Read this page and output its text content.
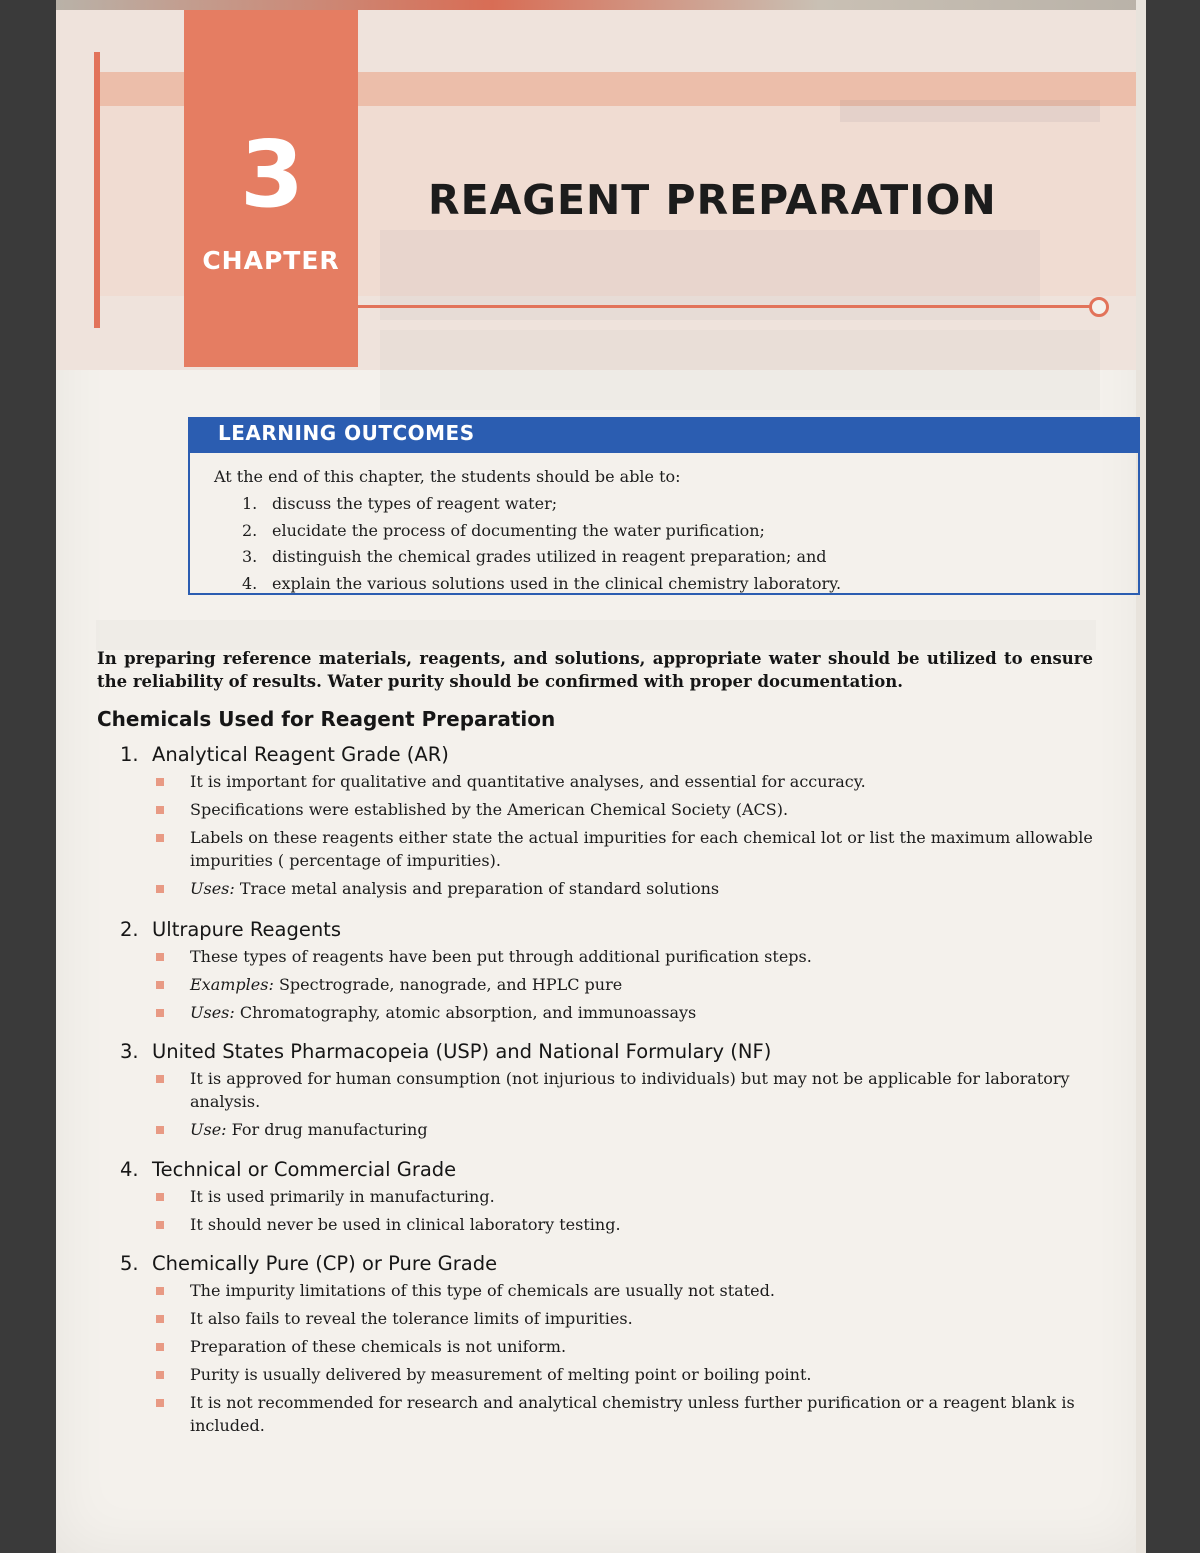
3
CHAPTER
REAGENT PREPARATION
LEARNING OUTCOMES
At the end of this chapter, the students should be able to:
1. discuss the types of reagent water;
2. elucidate the process of documenting the water purification;
3. distinguish the chemical grades utilized in reagent preparation; and
4. explain the various solutions used in the clinical chemistry laboratory.
In preparing reference materials, reagents, and solutions, appropriate water should be utilized to ensure the reliability of results. Water purity should be confirmed with proper documentation.
Chemicals Used for Reagent Preparation
1. Analytical Reagent Grade (AR)
It is important for qualitative and quantitative analyses, and essential for accuracy.
Specifications were established by the American Chemical Society (ACS).
Labels on these reagents either state the actual impurities for each chemical lot or list the maximum allowable impurities ( percentage of impurities).
Uses: Trace metal analysis and preparation of standard solutions
2. Ultrapure Reagents
These types of reagents have been put through additional purification steps.
Examples: Spectrograde, nanograde, and HPLC pure
Uses: Chromatography, atomic absorption, and immunoassays
3. United States Pharmacopeia (USP) and National Formulary (NF)
It is approved for human consumption (not injurious to individuals) but may not be applicable for laboratory analysis.
Use: For drug manufacturing
4. Technical or Commercial Grade
It is used primarily in manufacturing.
It should never be used in clinical laboratory testing.
5. Chemically Pure (CP) or Pure Grade
The impurity limitations of this type of chemicals are usually not stated.
It also fails to reveal the tolerance limits of impurities.
Preparation of these chemicals is not uniform.
Purity is usually delivered by measurement of melting point or boiling point.
It is not recommended for research and analytical chemistry unless further purification or a reagent blank is included.
